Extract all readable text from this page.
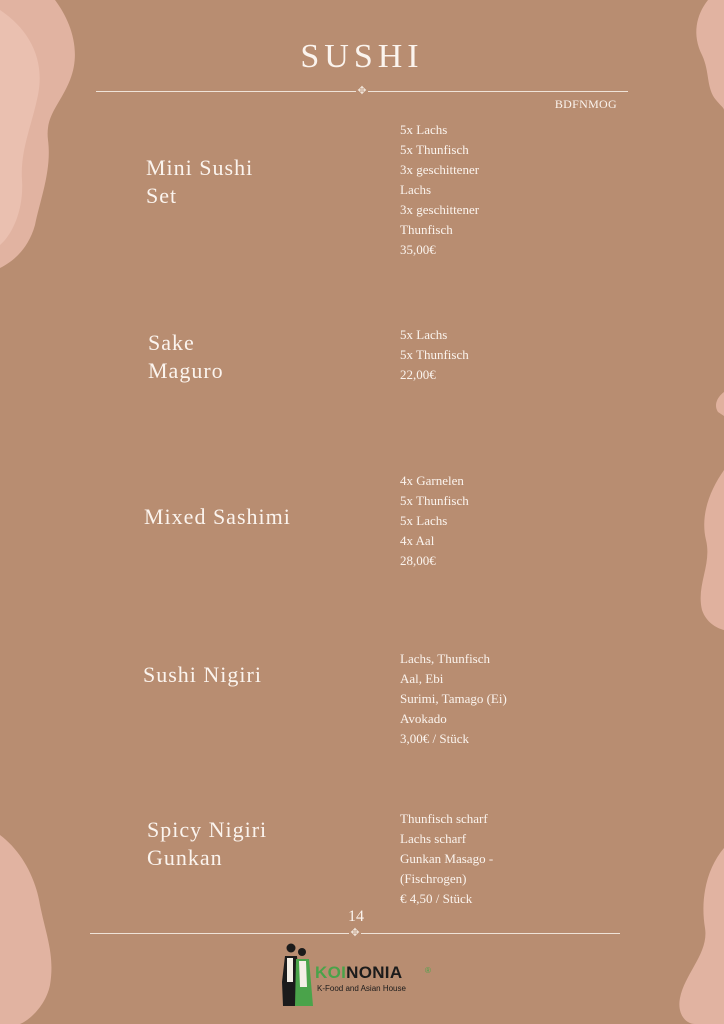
SUSHI
✥
BDFNMOG
Mini Sushi
Set
5x Lachs
5x Thunfisch
3x geschittener
Lachs
3x geschittener
Thunfisch
35,00€
Sake
Maguro
5x Lachs
5x Thunfisch
22,00€
Mixed Sashimi
4x Garnelen
5x Thunfisch
5x Lachs
4x Aal
28,00€
Sushi Nigiri
Lachs, Thunfisch
Aal, Ebi
Surimi, Tamago (Ei)
Avokado
3,00€ / Stück
Spicy Nigiri
Gunkan
Thunfisch scharf
Lachs scharf
Gunkan Masago -
(Fischrogen)
€ 4,50 / Stück
14
✥
KOINONIA	®
K-Food and Asian House
